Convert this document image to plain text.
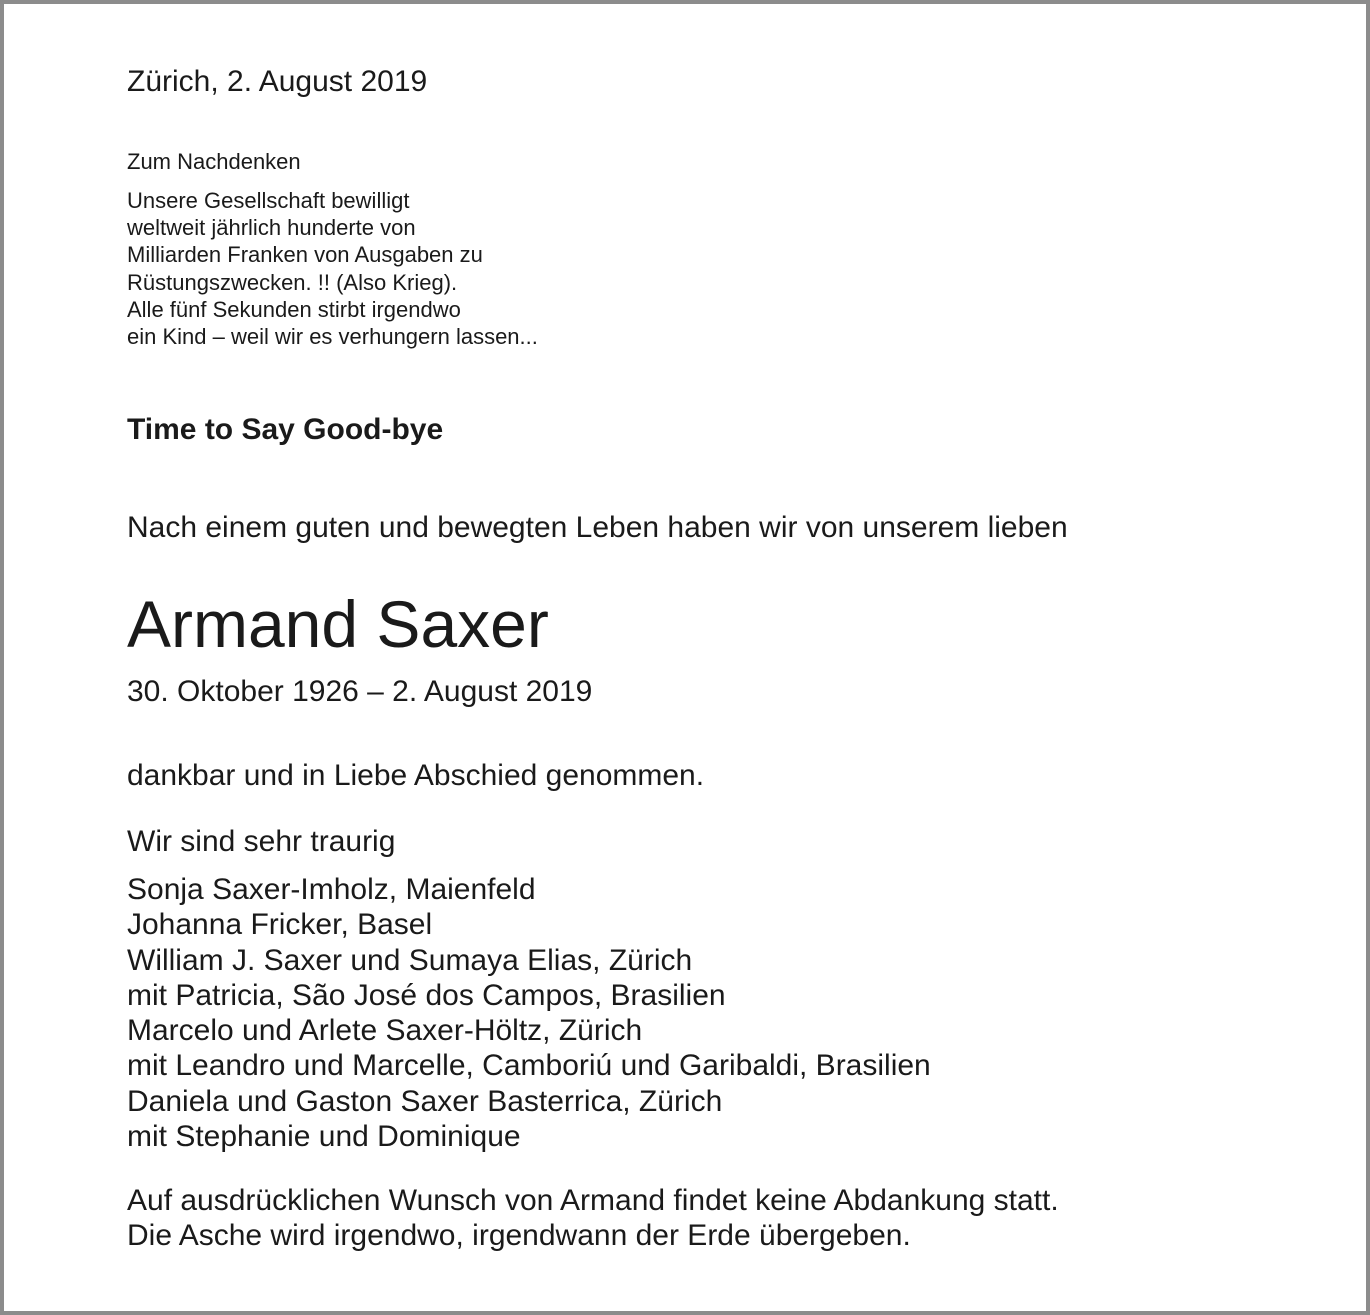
Zürich, 2. August 2019

Zum Nachdenken

Unsere Gesellschaft bewilligt
weltweit jährlich hunderte von
Milliarden Franken von Ausgaben zu
Rüstungszwecken. !! (Also Krieg).
Alle fünf Sekunden stirbt irgendwo
ein Kind – weil wir es verhungern lassen...

Time to Say Good-bye

Nach einem guten und bewegten Leben haben wir von unserem lieben

Armand Saxer

30. Oktober 1926 – 2. August 2019

dankbar und in Liebe Abschied genommen.

Wir sind sehr traurig

Sonja Saxer-Imholz, Maienfeld
Johanna Fricker, Basel
William J. Saxer und Sumaya Elias, Zürich
mit Patricia, São José dos Campos, Brasilien
Marcelo und Arlete Saxer-Höltz, Zürich
mit Leandro und Marcelle, Camboriú und Garibaldi, Brasilien
Daniela und Gaston Saxer Basterrica, Zürich
mit Stephanie und Dominique
Auf ausdrücklichen Wunsch von Armand findet keine Abdankung statt.
Die Asche wird irgendwo, irgendwann der Erde übergeben.
